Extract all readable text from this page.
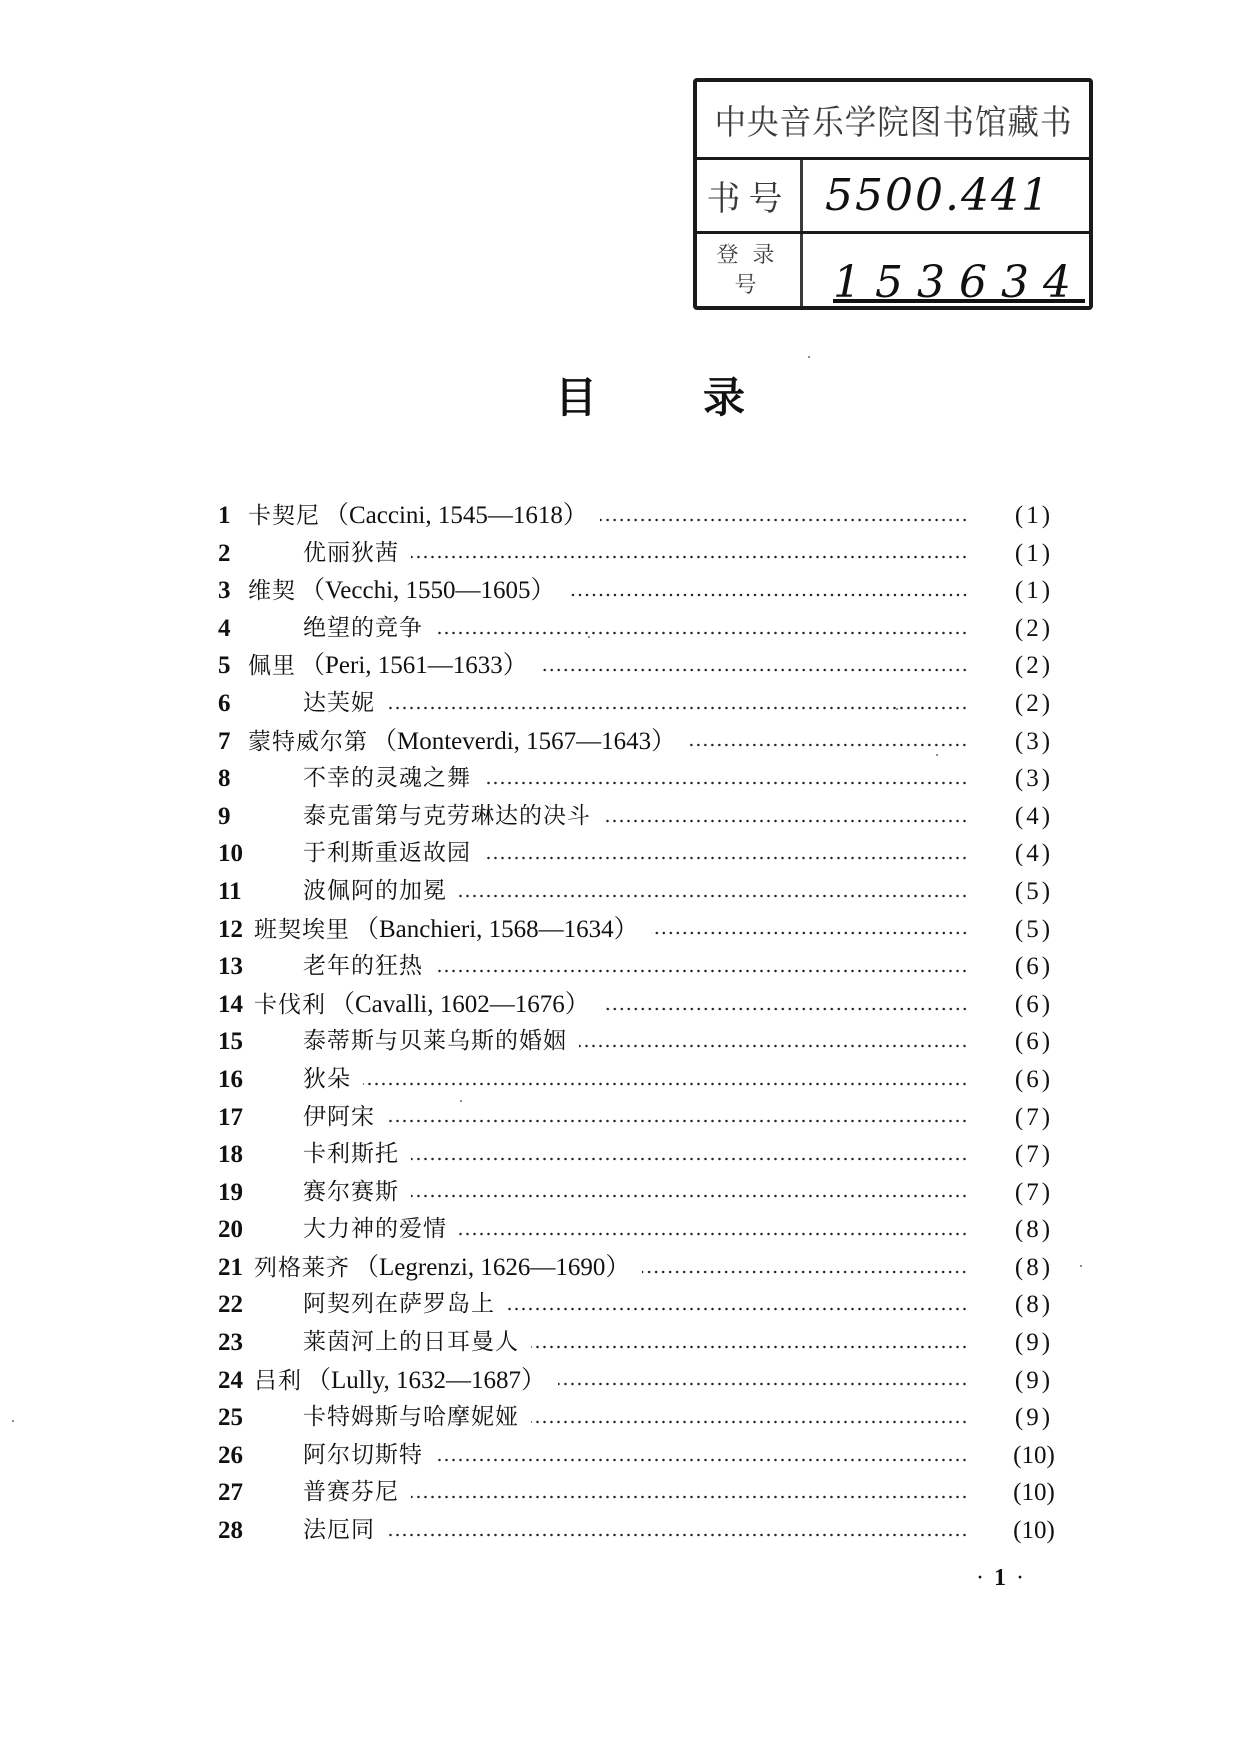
中央音乐学院图书馆藏书
书号 5500.441
登录
号	153634
目	录
1 卡契尼 （Caccini, 1545—1618）	(1)
2	优丽狄茜	(1)
3 维契 （Vecchi, 1550—1605）	(1)
4	绝望的竞争	(2)
5 佩里 （Peri, 1561—1633）	(2)
6	达芙妮	(2)
7 蒙特威尔第 （Monteverdi, 1567—1643）	(3)
8	不幸的灵魂之舞	(3)
9	泰克雷第与克劳琳达的决斗	(4)
10	于利斯重返故园	(4)
11	波佩阿的加冕	(5)
12 班契埃里 （Banchieri, 1568—1634）	(5)
13	老年的狂热	(6)
14 卡伐利 （Cavalli, 1602—1676）	(6)
15	泰蒂斯与贝莱乌斯的婚姻	(6)
16	狄朵	(6)
17	伊阿宋	(7)
18	卡利斯托	(7)
19	赛尔赛斯	(7)
20	大力神的爱情	(8)
21 列格莱齐 （Legrenzi, 1626—1690）	(8)
22	阿契列在萨罗岛上	(8)
23	莱茵河上的日耳曼人	(9)
24 吕利 （Lully, 1632—1687）	(9)
25	卡特姆斯与哈摩妮娅	(9)
26	阿尔切斯特	(10)
27	普赛芬尼	(10)
28	法厄同	(10)
· 1 ·
